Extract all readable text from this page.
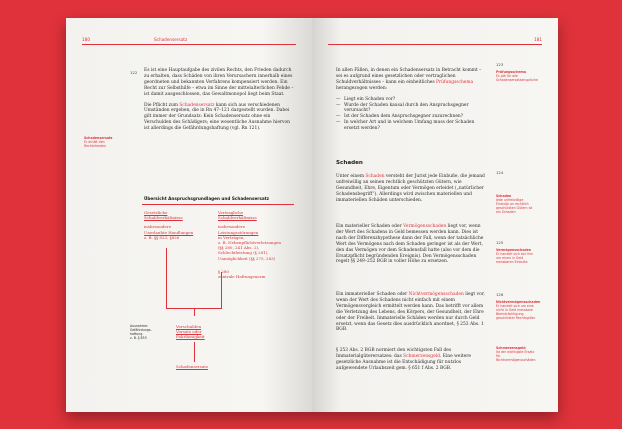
180	Schadensersatz
122 Es ist eine Hauptaufgabe des zivilen Rechts, den Frieden dadurch zu erhalten, dass Schäden von ihren Verursachern innerhalb eines geordneten und bekannten Verfahrens kompensiert werden. Ein Recht zur Selbsthilfe – etwa im Sinne der mittelalterlichen Fehde – ist damit ausgeschlossen, das Gewaltmonopol liegt beim Staat.

Die Pflicht zum Schadensersatz kann sich aus verschiedenen Umständen ergeben, die in Rn 47–121 dargestellt wurden. Dabei gilt immer der Grundsatz: Kein Schadensersatz ohne ein Verschulden des Schädigers; eine wesentliche Ausnahme hiervon ist allerdings die Gefährdungshaftung (vgl. Rn 121).

Schadensersatz
Er erhält den Rechtsfrieden
Übersicht Anspruchsgrundlagen und Schadensersatz
Gesetzliche
Schuldverhältnisse
insbesondere
Unerlaubte Handlungen
z. B. §§ 823, §826
Vertragliche
Schuldverhältnisse
insbesondere
Leistungsstörungen
in Verträgen,
z. B. Nebenpflichtverletzungen
(§§ 280, 241 Abs. 2),
Schlechtleistung (§ 281),
Unmöglichkeit (§§ 275, 283)
§ 280
zentrale Haftungsnorm
Ausnahme:
Gefährdungs-
haftung
z. B. § 833
Verschulden
Vorsatz oder
Fahrlässigkeit
Schadensersatz
181
123

In allen Fällen, in denen ein Schadensersatz in Betracht kommt – sei es aufgrund eines gesetzlichen oder vertraglichen Schuldverhältnisses – kann ein einheitliches Prüfungsschema herangezogen werden:

— Liegt ein Schaden vor?
— Wurde der Schaden kausal durch den Anspruchsgegner verursacht?
— Ist der Schaden dem Anspruchsgegner zuzurechnen?
— In welcher Art und in welchem Umfang muss der Schaden ersetzt werden?
Prüfungsschema
Es gilt für alle Schadensersatzansprüche
Schaden
124

Unter einem Schaden versteht der Jurist jede Einbuße, die jemand unfreiwillig an seinen rechtlich geschützten Gütern, wie Gesundheit, Ehre, Eigentum oder Vermögen erleidet („natürlicher Schadensbegriff“). Allerdings wird zwischen materiellen und immateriellen Schäden unterschieden.

Schaden
Jede unfreiwillige Einbuße an rechtlich geschützten Gütern ist ein Schaden
125

Ein materieller Schaden oder Vermögensschaden liegt vor, wenn der Wert des Schadens in Geld bemessen werden kann. Dies ist nach der Differenzhypothese dann der Fall, wenn der tatsächliche Wert des Vermögens nach dem Schaden geringer ist als der Wert, den das Vermögen vor dem Schadensfall hatte (also vor dem die Ersatzpflicht begründenden Ereignis). Den Vermögensschaden regelt §§ 249–252 BGB in voller Höhe zu ersetzen.

Vermögensschaden
Er handelt sich bei ihm um einen in Geld messbaren Einbuße
126

Ein immaterieller Schaden oder Nichtvermögensschaden liegt vor, wenn der Wert des Schadens nicht einfach mit einem Vermögensvergleich ermittelt werden kann. Das betrifft vor allem die Verletzung des Lebens, des Körpers, der Gesundheit, der Ehre oder der Freiheit. Immaterielle Schäden werden nur durch Geld ersetzt, wenn das Gesetz dies ausdrücklich anordnet, § 253 Abs. 1 BGB.

Nichtvermögensschaden
Er handelt sich um eine nicht in Geld messbare Beeinträchtigung geschützter Rechtsgüter

§ 253 Abs. 2 BGB normiert den wichtigsten Fall des Immaterialgüterersatzes: das Schmerzensgeld. Eine weitere gesetzliche Ausnahme ist die Entschädigung für nutzlos aufgewendete Urlaubszeit gem. § 651 f Abs. 2 BGB.

Schmerzensgeld
Ist der wichtigste Ersatz für Nichtvermögensschäden
